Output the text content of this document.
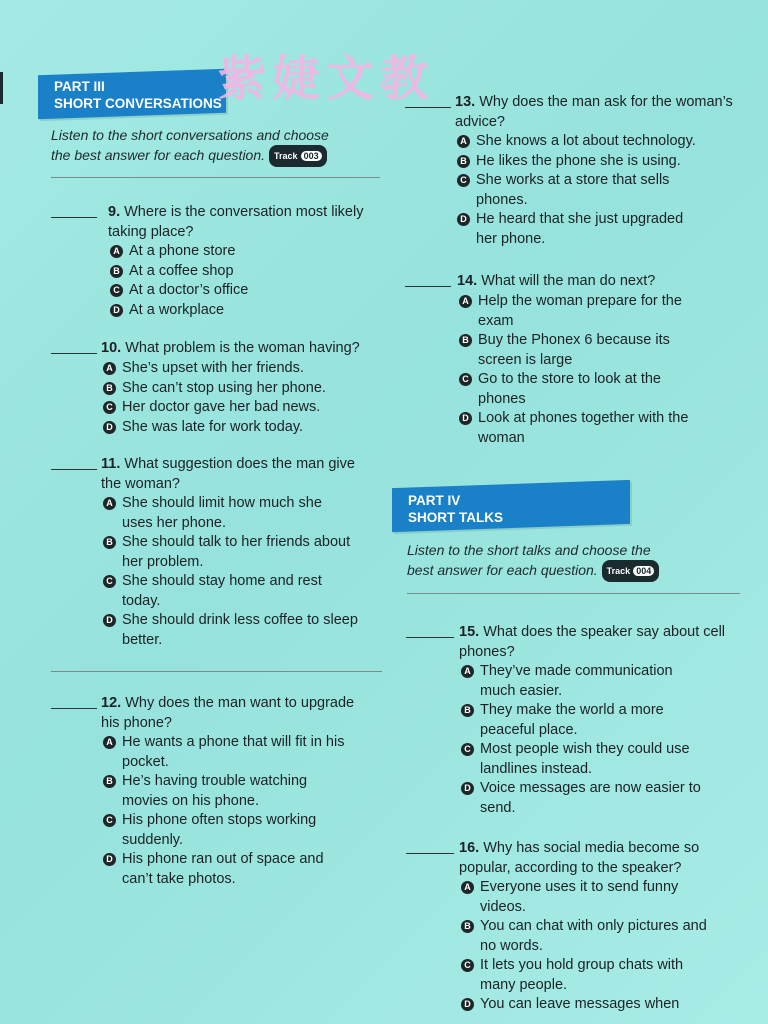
PART III
SHORT CONVERSATIONS
紫婕文教
Listen to the short conversations and choose
the best answer for each question. Track 003
PART IV
SHORT TALKS
Listen to the short talks and choose the
best answer for each question. Track 004
9. Where is the conversation most likely
taking place?
A At a phone store
B At a coffee shop
C At a doctor’s office
D At a workplace
10. What problem is the woman having?
A She’s upset with her friends.
B She can’t stop using her phone.
C Her doctor gave her bad news.
D She was late for work today.
11. What suggestion does the man give
the woman?
A She should limit how much she
uses her phone.
B She should talk to her friends about
her problem.
C She should stay home and rest
today.
D She should drink less coffee to sleep
better.
12. Why does the man want to upgrade
his phone?
A He wants a phone that will fit in his
pocket.
B He’s having trouble watching
movies on his phone.
C His phone often stops working
suddenly.
D His phone ran out of space and
can’t take photos.
13. Why does the man ask for the woman’s
advice?
A She knows a lot about technology.
B He likes the phone she is using.
C She works at a store that sells
phones.
D He heard that she just upgraded
her phone.
14. What will the man do next?
A Help the woman prepare for the
exam
B Buy the Phonex 6 because its
screen is large
C Go to the store to look at the
phones
D Look at phones together with the
woman
15. What does the speaker say about cell
phones?
A They’ve made communication
much easier.
B They make the world a more
peaceful place.
C Most people wish they could use
landlines instead.
D Voice messages are now easier to
send.
16. Why has social media become so
popular, according to the speaker?
A Everyone uses it to send funny
videos.
B You can chat with only pictures and
no words.
C It lets you hold group chats with
many people.
D You can leave messages when
